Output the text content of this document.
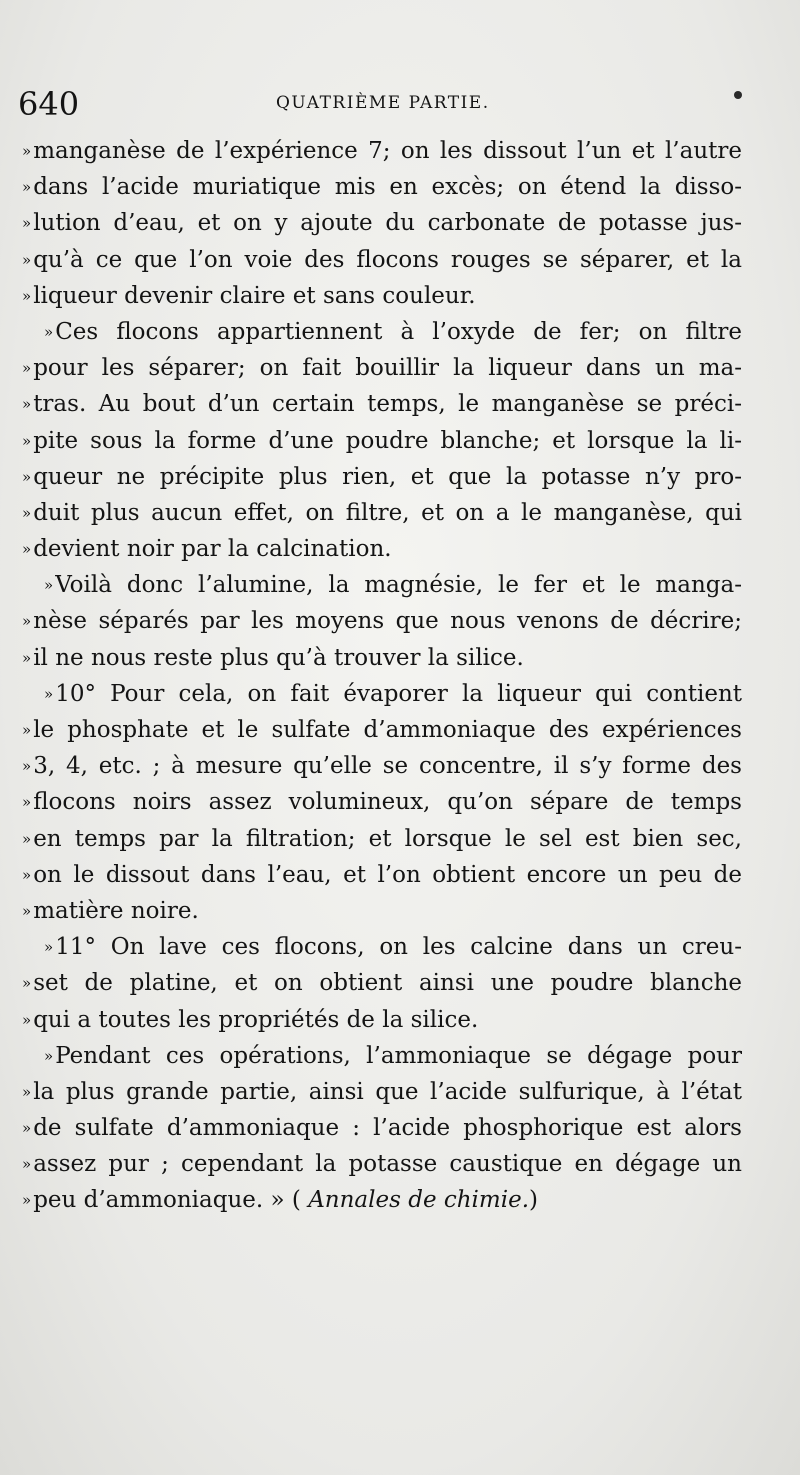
640	QUATRIÈME PARTIE.
»manganèse de l’expérience 7; on les dissout l’un et l’autre
»dans l’acide muriatique mis en excès; on étend la disso-
»lution d’eau, et on y ajoute du carbonate de potasse jus-
»qu’à ce que l’on voie des flocons rouges se séparer, et la
»liqueur devenir claire et sans couleur.
»Ces flocons appartiennent à l’oxyde de fer; on filtre
»pour les séparer; on fait bouillir la liqueur dans un ma-
»tras. Au bout d’un certain temps, le manganèse se préci-
»pite sous la forme d’une poudre blanche; et lorsque la li-
»queur ne précipite plus rien, et que la potasse n’y pro-
»duit plus aucun effet, on filtre, et on a le manganèse, qui
»devient noir par la calcination.
»Voilà donc l’alumine, la magnésie, le fer et le manga-
»nèse séparés par les moyens que nous venons de décrire;
»il ne nous reste plus qu’à trouver la silice.
»10° Pour cela, on fait évaporer la liqueur qui contient
»le phosphate et le sulfate d’ammoniaque des expériences
»3, 4, etc. ; à mesure qu’elle se concentre, il s’y forme des
»flocons noirs assez volumineux, qu’on sépare de temps
»en temps par la filtration; et lorsque le sel est bien sec,
»on le dissout dans l’eau, et l’on obtient encore un peu de
»matière noire.
»11° On lave ces flocons, on les calcine dans un creu-
»set de platine, et on obtient ainsi une poudre blanche
»qui a toutes les propriétés de la silice.
»Pendant ces opérations, l’ammoniaque se dégage pour
»la plus grande partie, ainsi que l’acide sulfurique, à l’état
»de sulfate d’ammoniaque : l’acide phosphorique est alors
»assez pur ; cependant la potasse caustique en dégage un
»peu d’ammoniaque. » ( Annales de chimie.)
